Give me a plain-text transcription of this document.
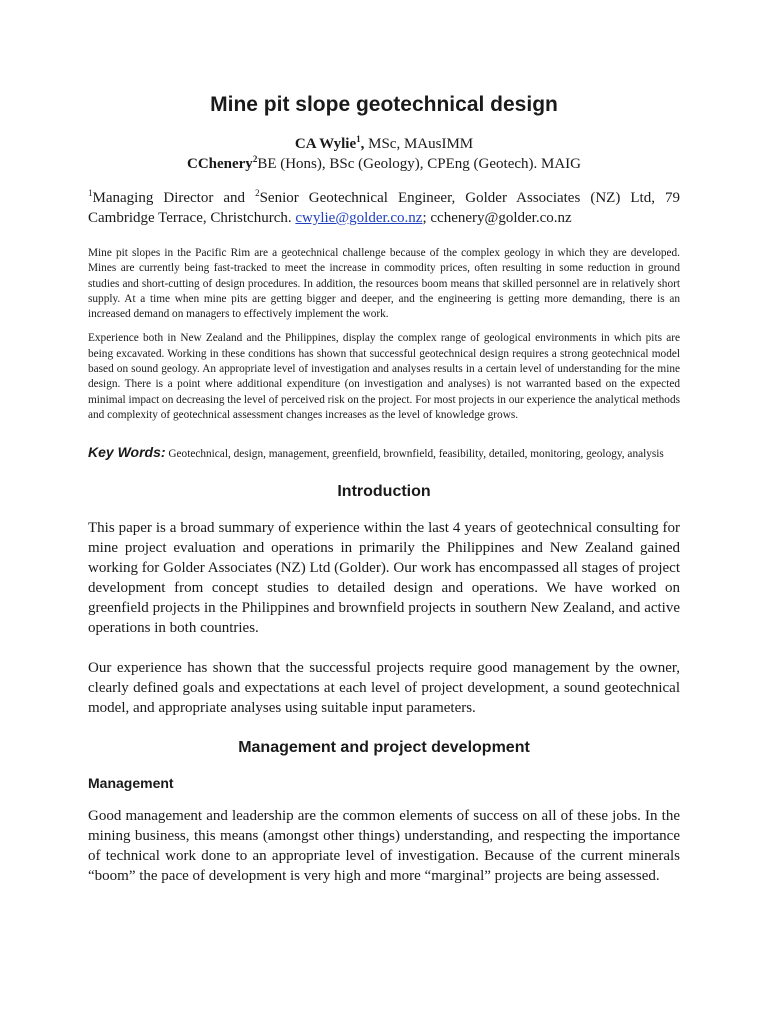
Mine pit slope geotechnical design
CA Wylie$^1$, MSc, MAusIMM
CChenery$^2$BE (Hons), BSc (Geology), CPEng (Geotech). MAIG
$^1$Managing Director and $^2$Senior Geotechnical Engineer, Golder Associates (NZ) Ltd, 79 Cambridge Terrace, Christchurch. cwylie@golder.co.nz; cchenery@golder.co.nz

Mine pit slopes in the Pacific Rim are a geotechnical challenge because of the complex geology in which they are developed. Mines are currently being fast-tracked to meet the increase in commodity prices, often resulting in some reduction in ground studies and short-cutting of design procedures. In addition, the resources boom means that skilled personnel are in relatively short supply. At a time when mine pits are getting bigger and deeper, and the engineering is getting more demanding, there is an increased demand on managers to effectively implement the work.

Experience both in New Zealand and the Philippines, display the complex range of geological environments in which pits are being excavated. Working in these conditions has shown that successful geotechnical design requires a strong geotechnical model based on sound geology. An appropriate level of investigation and analyses results in a certain level of understanding for the mine design. There is a point where additional expenditure (on investigation and analyses) is not warranted based on the expected minimal impact on decreasing the level of perceived risk on the project. For most projects in our experience the analytical methods and complexity of geotechnical assessment changes increases as the level of knowledge grows.

Key Words: Geotechnical, design, management, greenfield, brownfield, feasibility, detailed, monitoring, geology, analysis
Introduction

This paper is a broad summary of experience within the last 4 years of geotechnical consulting for mine project evaluation and operations in primarily the Philippines and New Zealand gained working for Golder Associates (NZ) Ltd (Golder). Our work has encompassed all stages of project development from concept studies to detailed design and operations. We have worked on greenfield projects in the Philippines and brownfield projects in southern New Zealand, and active operations in both countries.

Our experience has shown that the successful projects require good management by the owner, clearly defined goals and expectations at each level of project development, a sound geotechnical model, and appropriate analyses using suitable input parameters.

Management and project development
Management

Good management and leadership are the common elements of success on all of these jobs. In the mining business, this means (amongst other things) understanding, and respecting the importance of technical work done to an appropriate level of investigation. Because of the current minerals “boom” the pace of development is very high and more “marginal” projects are being assessed.
